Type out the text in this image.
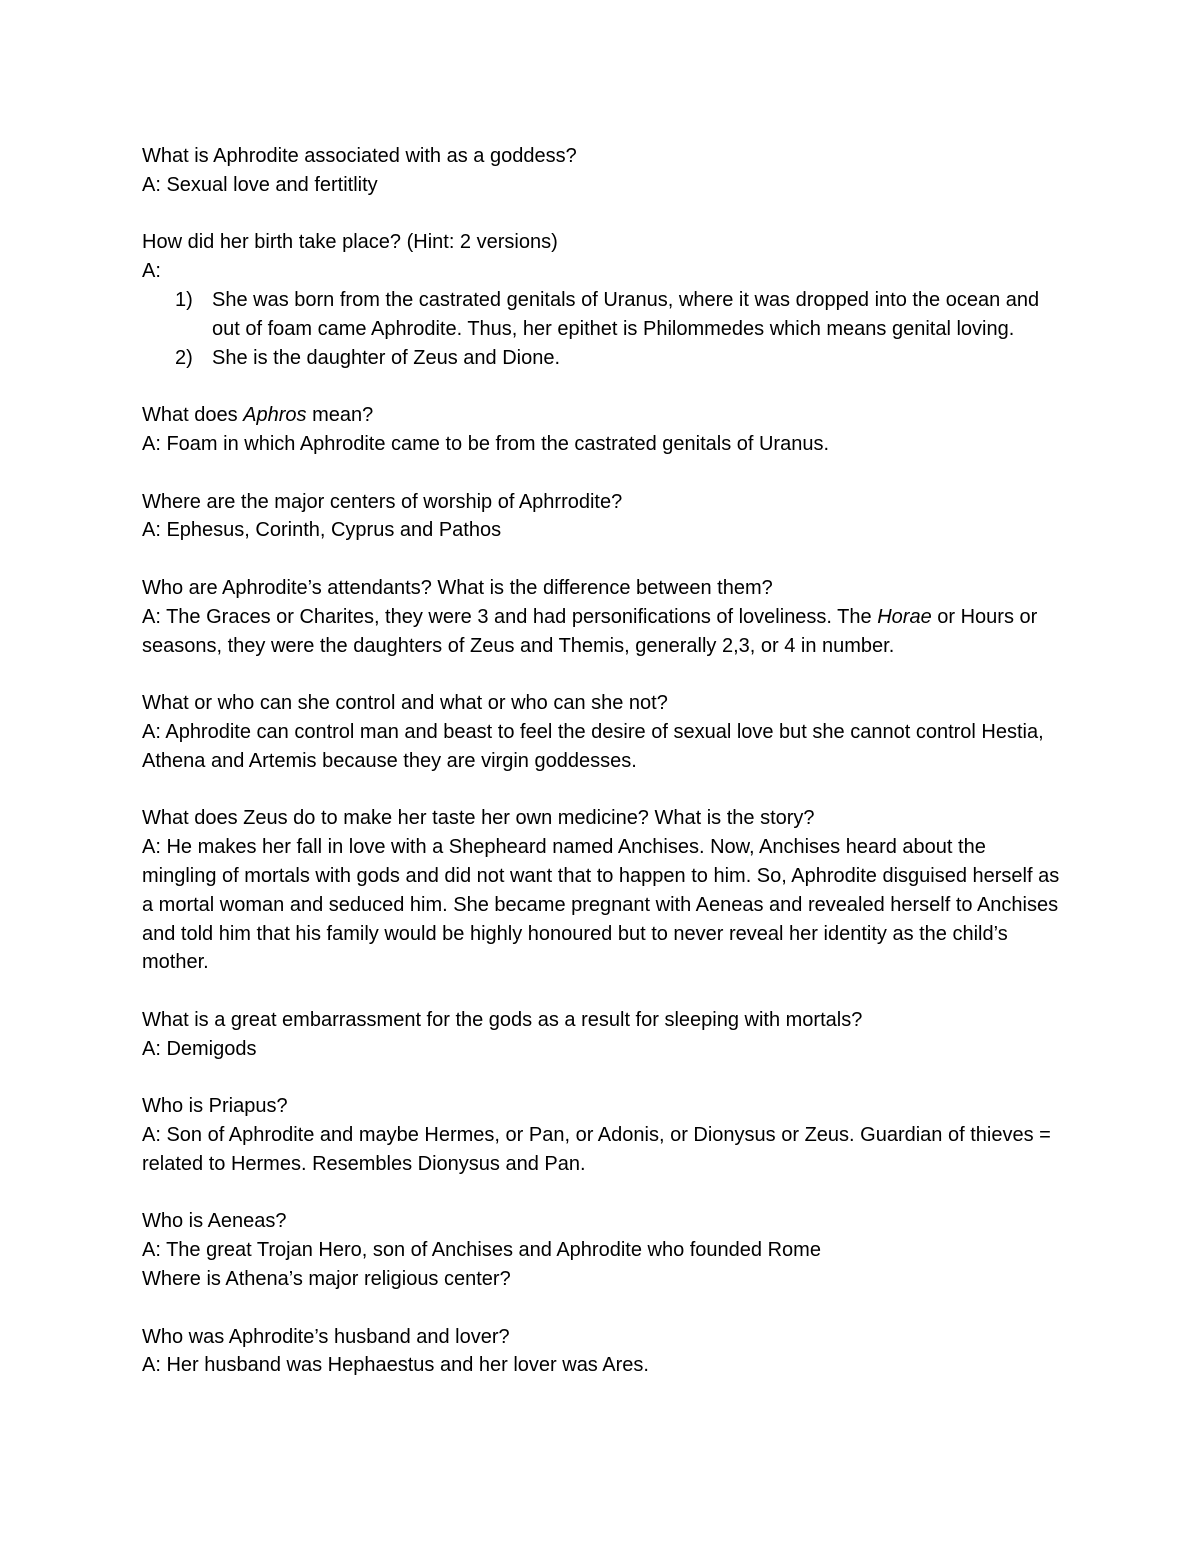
What is Aphrodite associated with as a goddess?
A: Sexual love and fertitlity
How did her birth take place? (Hint: 2 versions)
A:
1) She was born from the castrated genitals of Uranus, where it was dropped into the ocean and out of foam came Aphrodite. Thus, her epithet is Philommedes which means genital loving.
2) She is the daughter of Zeus and Dione.
What does Aphros mean?
A: Foam in which Aphrodite came to be from the castrated genitals of Uranus.
Where are the major centers of worship of Aphrrodite?
A: Ephesus, Corinth, Cyprus and Pathos
Who are Aphrodite’s attendants? What is the difference between them?
A: The Graces or Charites, they were 3 and had personifications of loveliness. The Horae or Hours or seasons, they were the daughters of Zeus and Themis, generally 2,3, or 4 in number.
What or who can she control and what or who can she not?
A: Aphrodite can control man and beast to feel the desire of sexual love but she cannot control Hestia, Athena and Artemis because they are virgin goddesses.
What does Zeus do to make her taste her own medicine? What is the story?
A: He makes her fall in love with a Shepheard named Anchises. Now, Anchises heard about the mingling of mortals with gods and did not want that to happen to him. So, Aphrodite disguised herself as a mortal woman and seduced him. She became pregnant with Aeneas and revealed herself to Anchises and told him that his family would be highly honoured but to never reveal her identity as the child’s mother.
What is a great embarrassment for the gods as a result for sleeping with mortals?
A: Demigods
Who is Priapus?
A: Son of Aphrodite and maybe Hermes, or Pan, or Adonis, or Dionysus or Zeus. Guardian of thieves = related to Hermes. Resembles Dionysus and Pan.
Who is Aeneas?
A: The great Trojan Hero, son of Anchises and Aphrodite who founded Rome
Where is Athena’s major religious center?
Who was Aphrodite’s husband and lover?
A: Her husband was Hephaestus and her lover was Ares.
